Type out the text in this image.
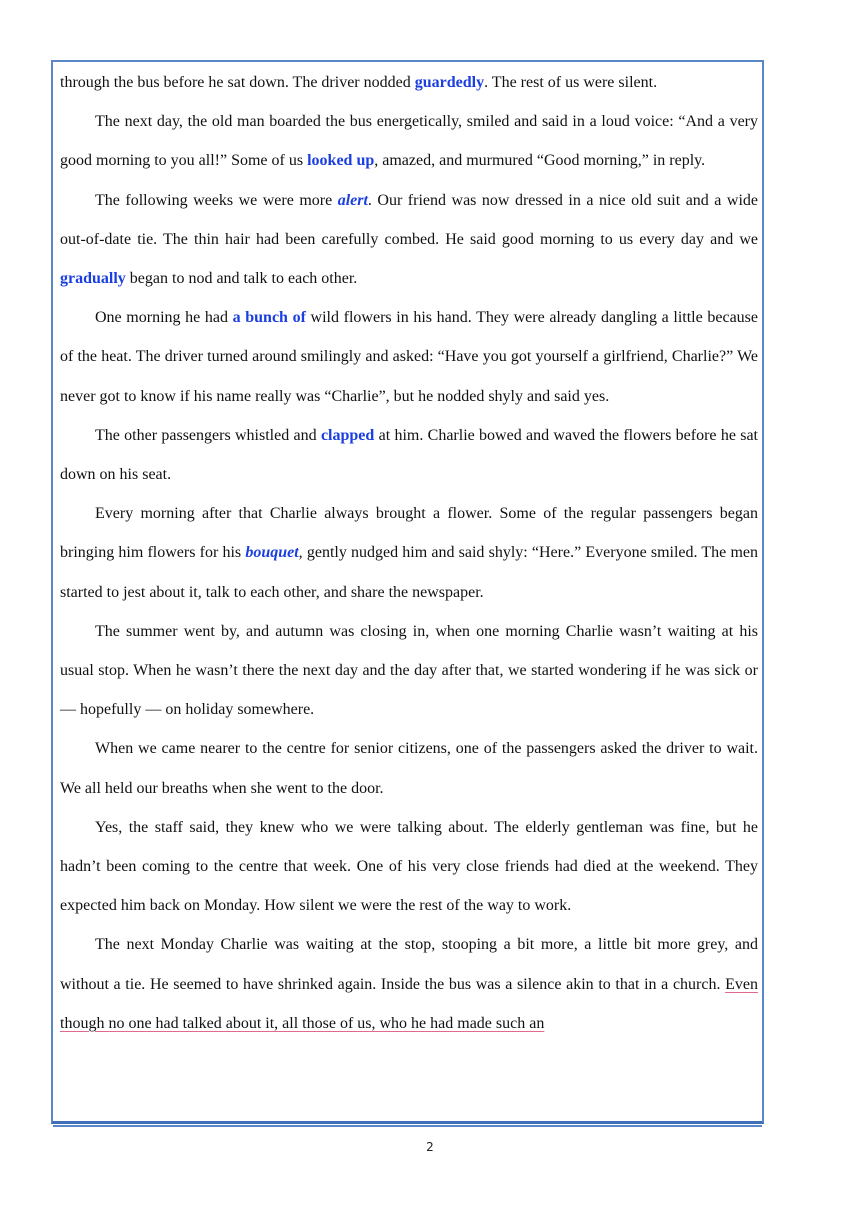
through the bus before he sat down. The driver nodded guardedly. The rest of us were silent.

The next day, the old man boarded the bus energetically, smiled and said in a loud voice: “And a very good morning to you all!” Some of us looked up, amazed, and murmured “Good morning,” in reply.

The following weeks we were more alert. Our friend was now dressed in a nice old suit and a wide out-of-date tie. The thin hair had been carefully combed. He said good morning to us every day and we gradually began to nod and talk to each other.

One morning he had a bunch of wild flowers in his hand. They were already dangling a little because of the heat. The driver turned around smilingly and asked: “Have you got yourself a girlfriend, Charlie?” We never got to know if his name really was “Charlie”, but he nodded shyly and said yes.

The other passengers whistled and clapped at him. Charlie bowed and waved the flowers before he sat down on his seat.

Every morning after that Charlie always brought a flower. Some of the regular passengers began bringing him flowers for his bouquet, gently nudged him and said shyly: “Here.” Everyone smiled. The men started to jest about it, talk to each other, and share the newspaper.

The summer went by, and autumn was closing in, when one morning Charlie wasn’t waiting at his usual stop. When he wasn’t there the next day and the day after that, we started wondering if he was sick or — hopefully — on holiday somewhere.

When we came nearer to the centre for senior citizens, one of the passengers asked the driver to wait. We all held our breaths when she went to the door.

Yes, the staff said, they knew who we were talking about. The elderly gentleman was fine, but he hadn’t been coming to the centre that week. One of his very close friends had died at the weekend. They expected him back on Monday. How silent we were the rest of the way to work.

The next Monday Charlie was waiting at the stop, stooping a bit more, a little bit more grey, and without a tie. He seemed to have shrinked again. Inside the bus was a silence akin to that in a church. Even though no one had talked about it, all those of us, who he had made such an

2
